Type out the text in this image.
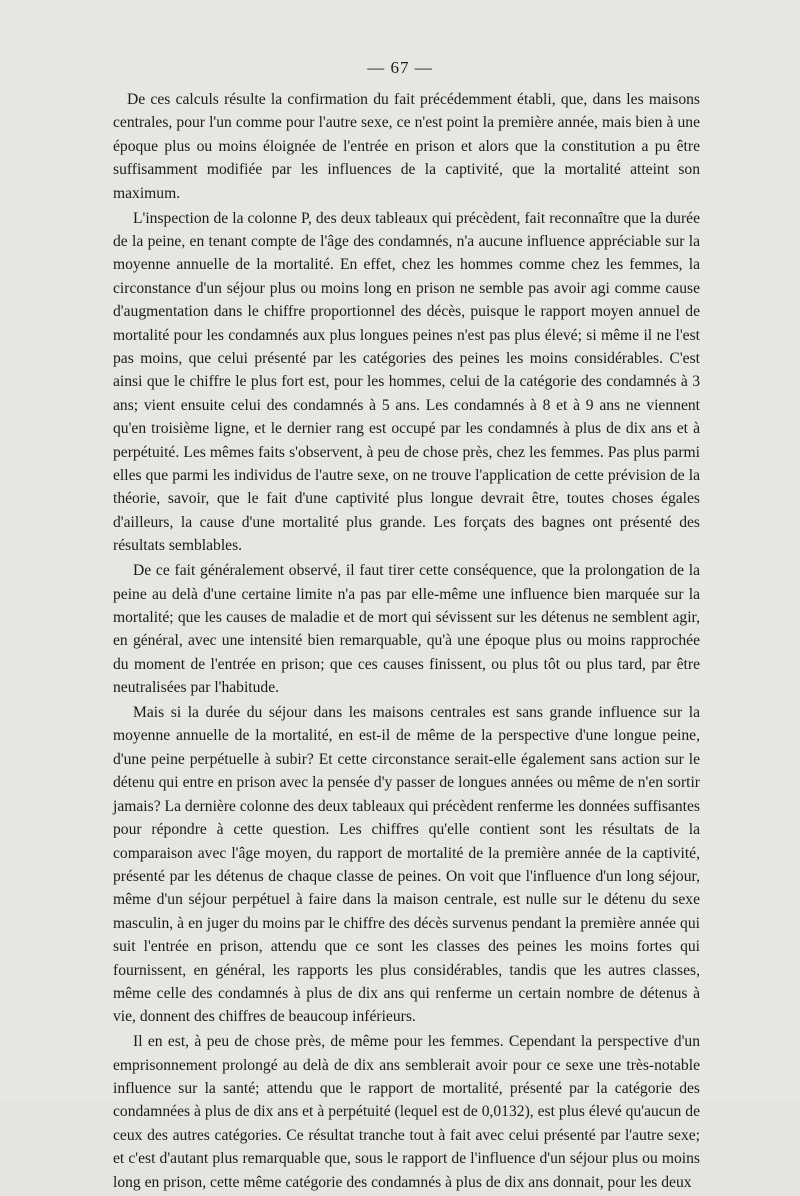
— 67 —

De ces calculs résulte la confirmation du fait précédemment établi, que, dans les maisons centrales, pour l'un comme pour l'autre sexe, ce n'est point la première année, mais bien à une époque plus ou moins éloignée de l'entrée en prison et alors que la constitution a pu être suffisamment modifiée par les influences de la captivité, que la mortalité atteint son maximum.

L'inspection de la colonne P, des deux tableaux qui précèdent, fait reconnaître que la durée de la peine, en tenant compte de l'âge des condamnés, n'a aucune influence appréciable sur la moyenne annuelle de la mortalité. En effet, chez les hommes comme chez les femmes, la circonstance d'un séjour plus ou moins long en prison ne semble pas avoir agi comme cause d'augmentation dans le chiffre proportionnel des décès, puisque le rapport moyen annuel de mortalité pour les condamnés aux plus longues peines n'est pas plus élevé; si même il ne l'est pas moins, que celui présenté par les catégories des peines les moins considérables. C'est ainsi que le chiffre le plus fort est, pour les hommes, celui de la catégorie des condamnés à 3 ans; vient ensuite celui des condamnés à 5 ans. Les condamnés à 8 et à 9 ans ne viennent qu'en troisième ligne, et le dernier rang est occupé par les condamnés à plus de dix ans et à perpétuité. Les mêmes faits s'observent, à peu de chose près, chez les femmes. Pas plus parmi elles que parmi les individus de l'autre sexe, on ne trouve l'application de cette prévision de la théorie, savoir, que le fait d'une captivité plus longue devrait être, toutes choses égales d'ailleurs, la cause d'une mortalité plus grande. Les forçats des bagnes ont présenté des résultats semblables.

De ce fait généralement observé, il faut tirer cette conséquence, que la prolongation de la peine au delà d'une certaine limite n'a pas par elle-même une influence bien marquée sur la mortalité; que les causes de maladie et de mort qui sévissent sur les détenus ne semblent agir, en général, avec une intensité bien remarquable, qu'à une époque plus ou moins rapprochée du moment de l'entrée en prison; que ces causes finissent, ou plus tôt ou plus tard, par être neutralisées par l'habitude.

Mais si la durée du séjour dans les maisons centrales est sans grande influence sur la moyenne annuelle de la mortalité, en est-il de même de la perspective d'une longue peine, d'une peine perpétuelle à subir? Et cette circonstance serait-elle également sans action sur le détenu qui entre en prison avec la pensée d'y passer de longues années ou même de n'en sortir jamais? La dernière colonne des deux tableaux qui précèdent renferme les données suffisantes pour répondre à cette question. Les chiffres qu'elle contient sont les résultats de la comparaison avec l'âge moyen, du rapport de mortalité de la première année de la captivité, présenté par les détenus de chaque classe de peines. On voit que l'influence d'un long séjour, même d'un séjour perpétuel à faire dans la maison centrale, est nulle sur le détenu du sexe masculin, à en juger du moins par le chiffre des décès survenus pendant la première année qui suit l'entrée en prison, attendu que ce sont les classes des peines les moins fortes qui fournissent, en général, les rapports les plus considérables, tandis que les autres classes, même celle des condamnés à plus de dix ans qui renferme un certain nombre de détenus à vie, donnent des chiffres de beaucoup inférieurs.

Il en est, à peu de chose près, de même pour les femmes. Cependant la perspective d'un emprisonnement prolongé au delà de dix ans semblerait avoir pour ce sexe une très-notable influence sur la santé; attendu que le rapport de mortalité, présenté par la catégorie des condamnées à plus de dix ans et à perpétuité (lequel est de 0,0132), est plus élevé qu'aucun de ceux des autres catégories. Ce résultat tranche tout à fait avec celui présenté par l'autre sexe; et c'est d'autant plus remarquable que, sous le rapport de l'influence d'un séjour plus ou moins long en prison, cette même catégorie des condamnés à plus de dix ans donnait, pour les deux
